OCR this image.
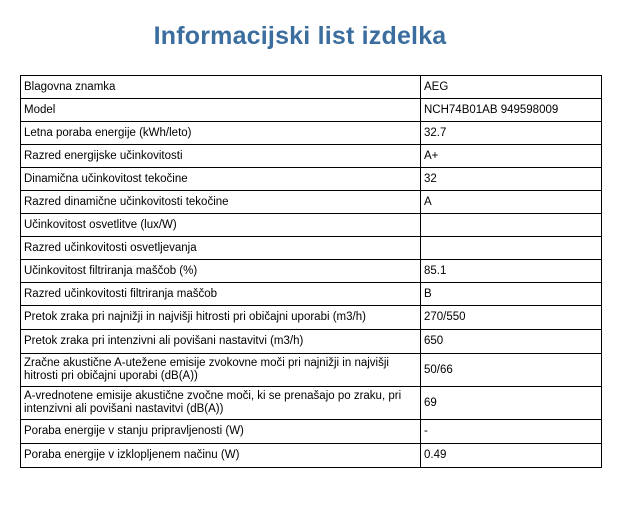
Informacijski list izdelka
Blagovna znamka	AEG
Model	NCH74B01AB 949598009
Letna poraba energije (kWh/leto)	32.7
Razred energijske učinkovitosti	A+
Dinamična učinkovitost tekočine	32
Razred dinamične učinkovitosti tekočine	A
Učinkovitost osvetlitve (lux/W)	
Razred učinkovitosti osvetljevanja	
Učinkovitost filtriranja maščob (%)	85.1
Razred učinkovitosti filtriranja maščob	B
Pretok zraka pri najnižji in najvišji hitrosti pri običajni uporabi (m3/h)	270/550
Pretok zraka pri intenzivni ali povišani nastavitvi (m3/h)	650
Zračne akustične A-utežene emisije zvokovne moči pri najnižji in najvišji hitrosti pri običajni uporabi (dB(A))	50/66
A-vrednotene emisije akustične zvočne moči, ki se prenašajo po zraku, pri intenzivni ali povišani nastavitvi (dB(A))	69
Poraba energije v stanju pripravljenosti (W)	-
Poraba energije v izklopljenem načinu (W)	0.49
